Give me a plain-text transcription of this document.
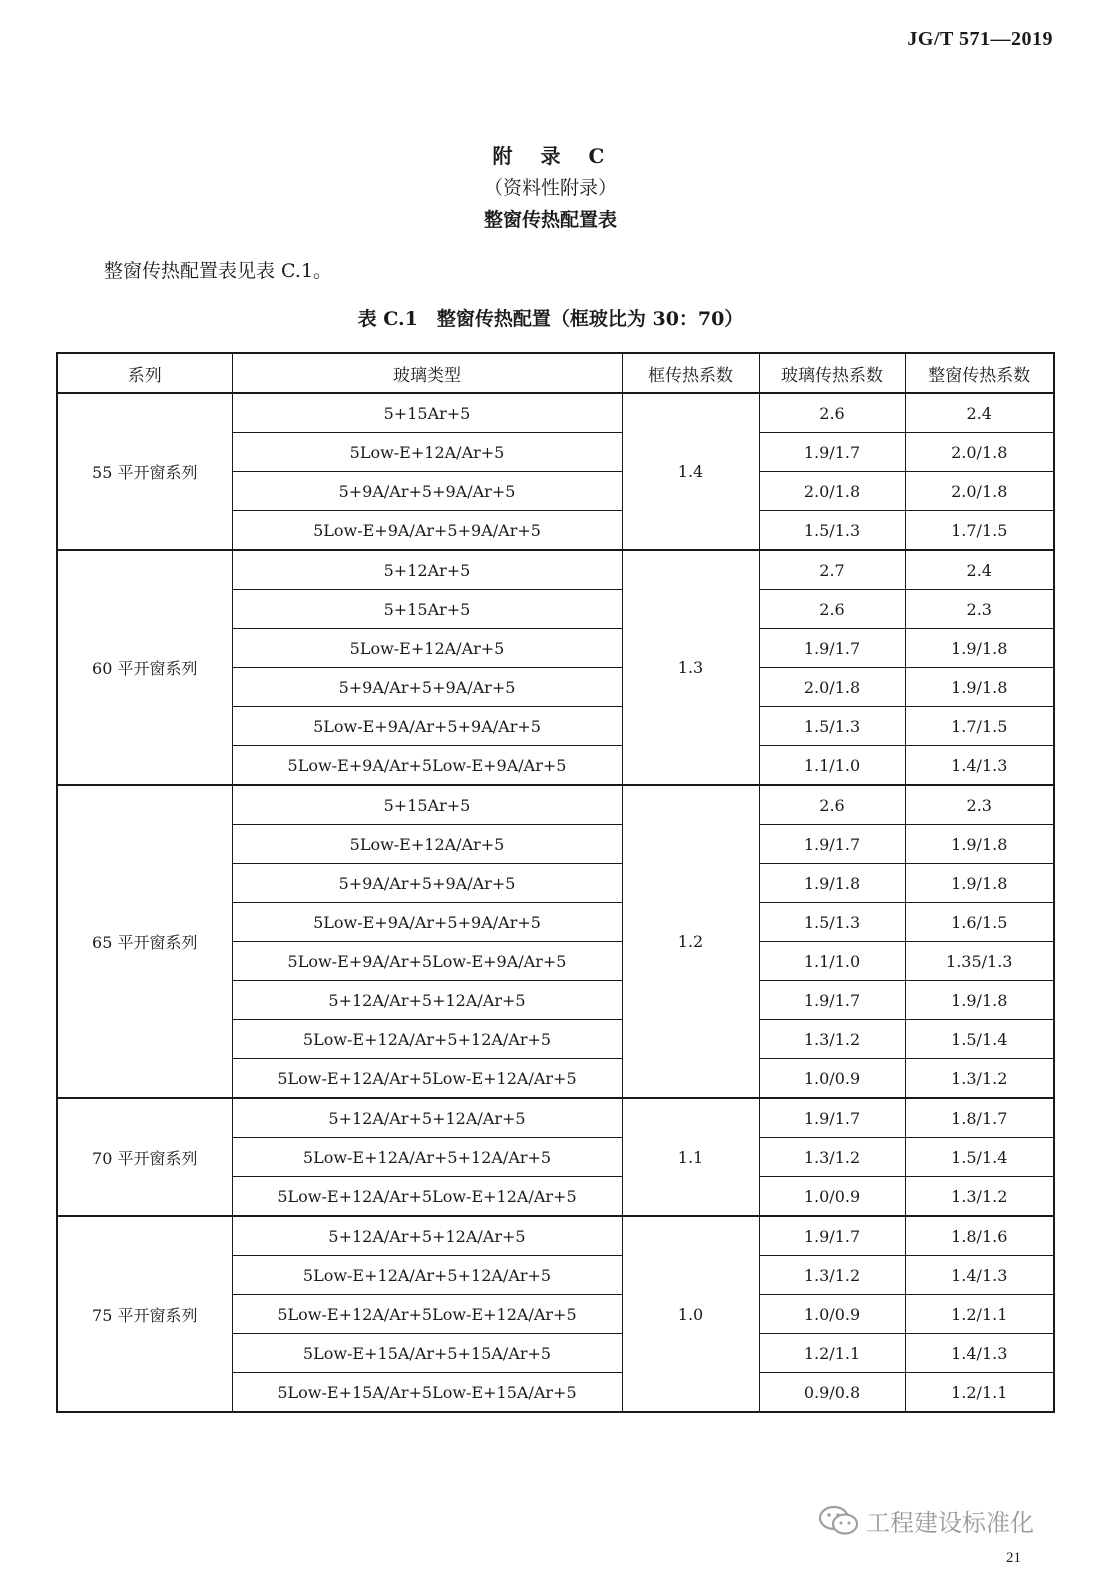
JG/T 571—2019
附　录　C
（资料性附录）
整窗传热配置表
整窗传热配置表见表 C.1。
表 C.1　整窗传热配置（框玻比为 30：70）
系列	玻璃类型	框传热系数	玻璃传热系数	整窗传热系数
55 平开窗系列	5+15Ar+5	1.4	2.6	2.4
	5Low-E+12A/Ar+5		1.9/1.7	2.0/1.8
	5+9A/Ar+5+9A/Ar+5		2.0/1.8	2.0/1.8
	5Low-E+9A/Ar+5+9A/Ar+5		1.5/1.3	1.7/1.5
60 平开窗系列	5+12Ar+5	1.3	2.7	2.4
	5+15Ar+5		2.6	2.3
	5Low-E+12A/Ar+5		1.9/1.7	1.9/1.8
	5+9A/Ar+5+9A/Ar+5		2.0/1.8	1.9/1.8
	5Low-E+9A/Ar+5+9A/Ar+5		1.5/1.3	1.7/1.5
	5Low-E+9A/Ar+5Low-E+9A/Ar+5		1.1/1.0	1.4/1.3
65 平开窗系列	5+15Ar+5	1.2	2.6	2.3
	5Low-E+12A/Ar+5		1.9/1.7	1.9/1.8
	5+9A/Ar+5+9A/Ar+5		1.9/1.8	1.9/1.8
	5Low-E+9A/Ar+5+9A/Ar+5		1.5/1.3	1.6/1.5
	5Low-E+9A/Ar+5Low-E+9A/Ar+5		1.1/1.0	1.35/1.3
	5+12A/Ar+5+12A/Ar+5		1.9/1.7	1.9/1.8
	5Low-E+12A/Ar+5+12A/Ar+5		1.3/1.2	1.5/1.4
	5Low-E+12A/Ar+5Low-E+12A/Ar+5		1.0/0.9	1.3/1.2
70 平开窗系列	5+12A/Ar+5+12A/Ar+5	1.1	1.9/1.7	1.8/1.7
	5Low-E+12A/Ar+5+12A/Ar+5		1.3/1.2	1.5/1.4
	5Low-E+12A/Ar+5Low-E+12A/Ar+5		1.0/0.9	1.3/1.2
75 平开窗系列	5+12A/Ar+5+12A/Ar+5	1.0	1.9/1.7	1.8/1.6
	5Low-E+12A/Ar+5+12A/Ar+5		1.3/1.2	1.4/1.3
	5Low-E+12A/Ar+5Low-E+12A/Ar+5		1.0/0.9	1.2/1.1
	5Low-E+15A/Ar+5+15A/Ar+5		1.2/1.1	1.4/1.3
	5Low-E+15A/Ar+5Low-E+15A/Ar+5		0.9/0.8	1.2/1.1
工程建设标准化
21
